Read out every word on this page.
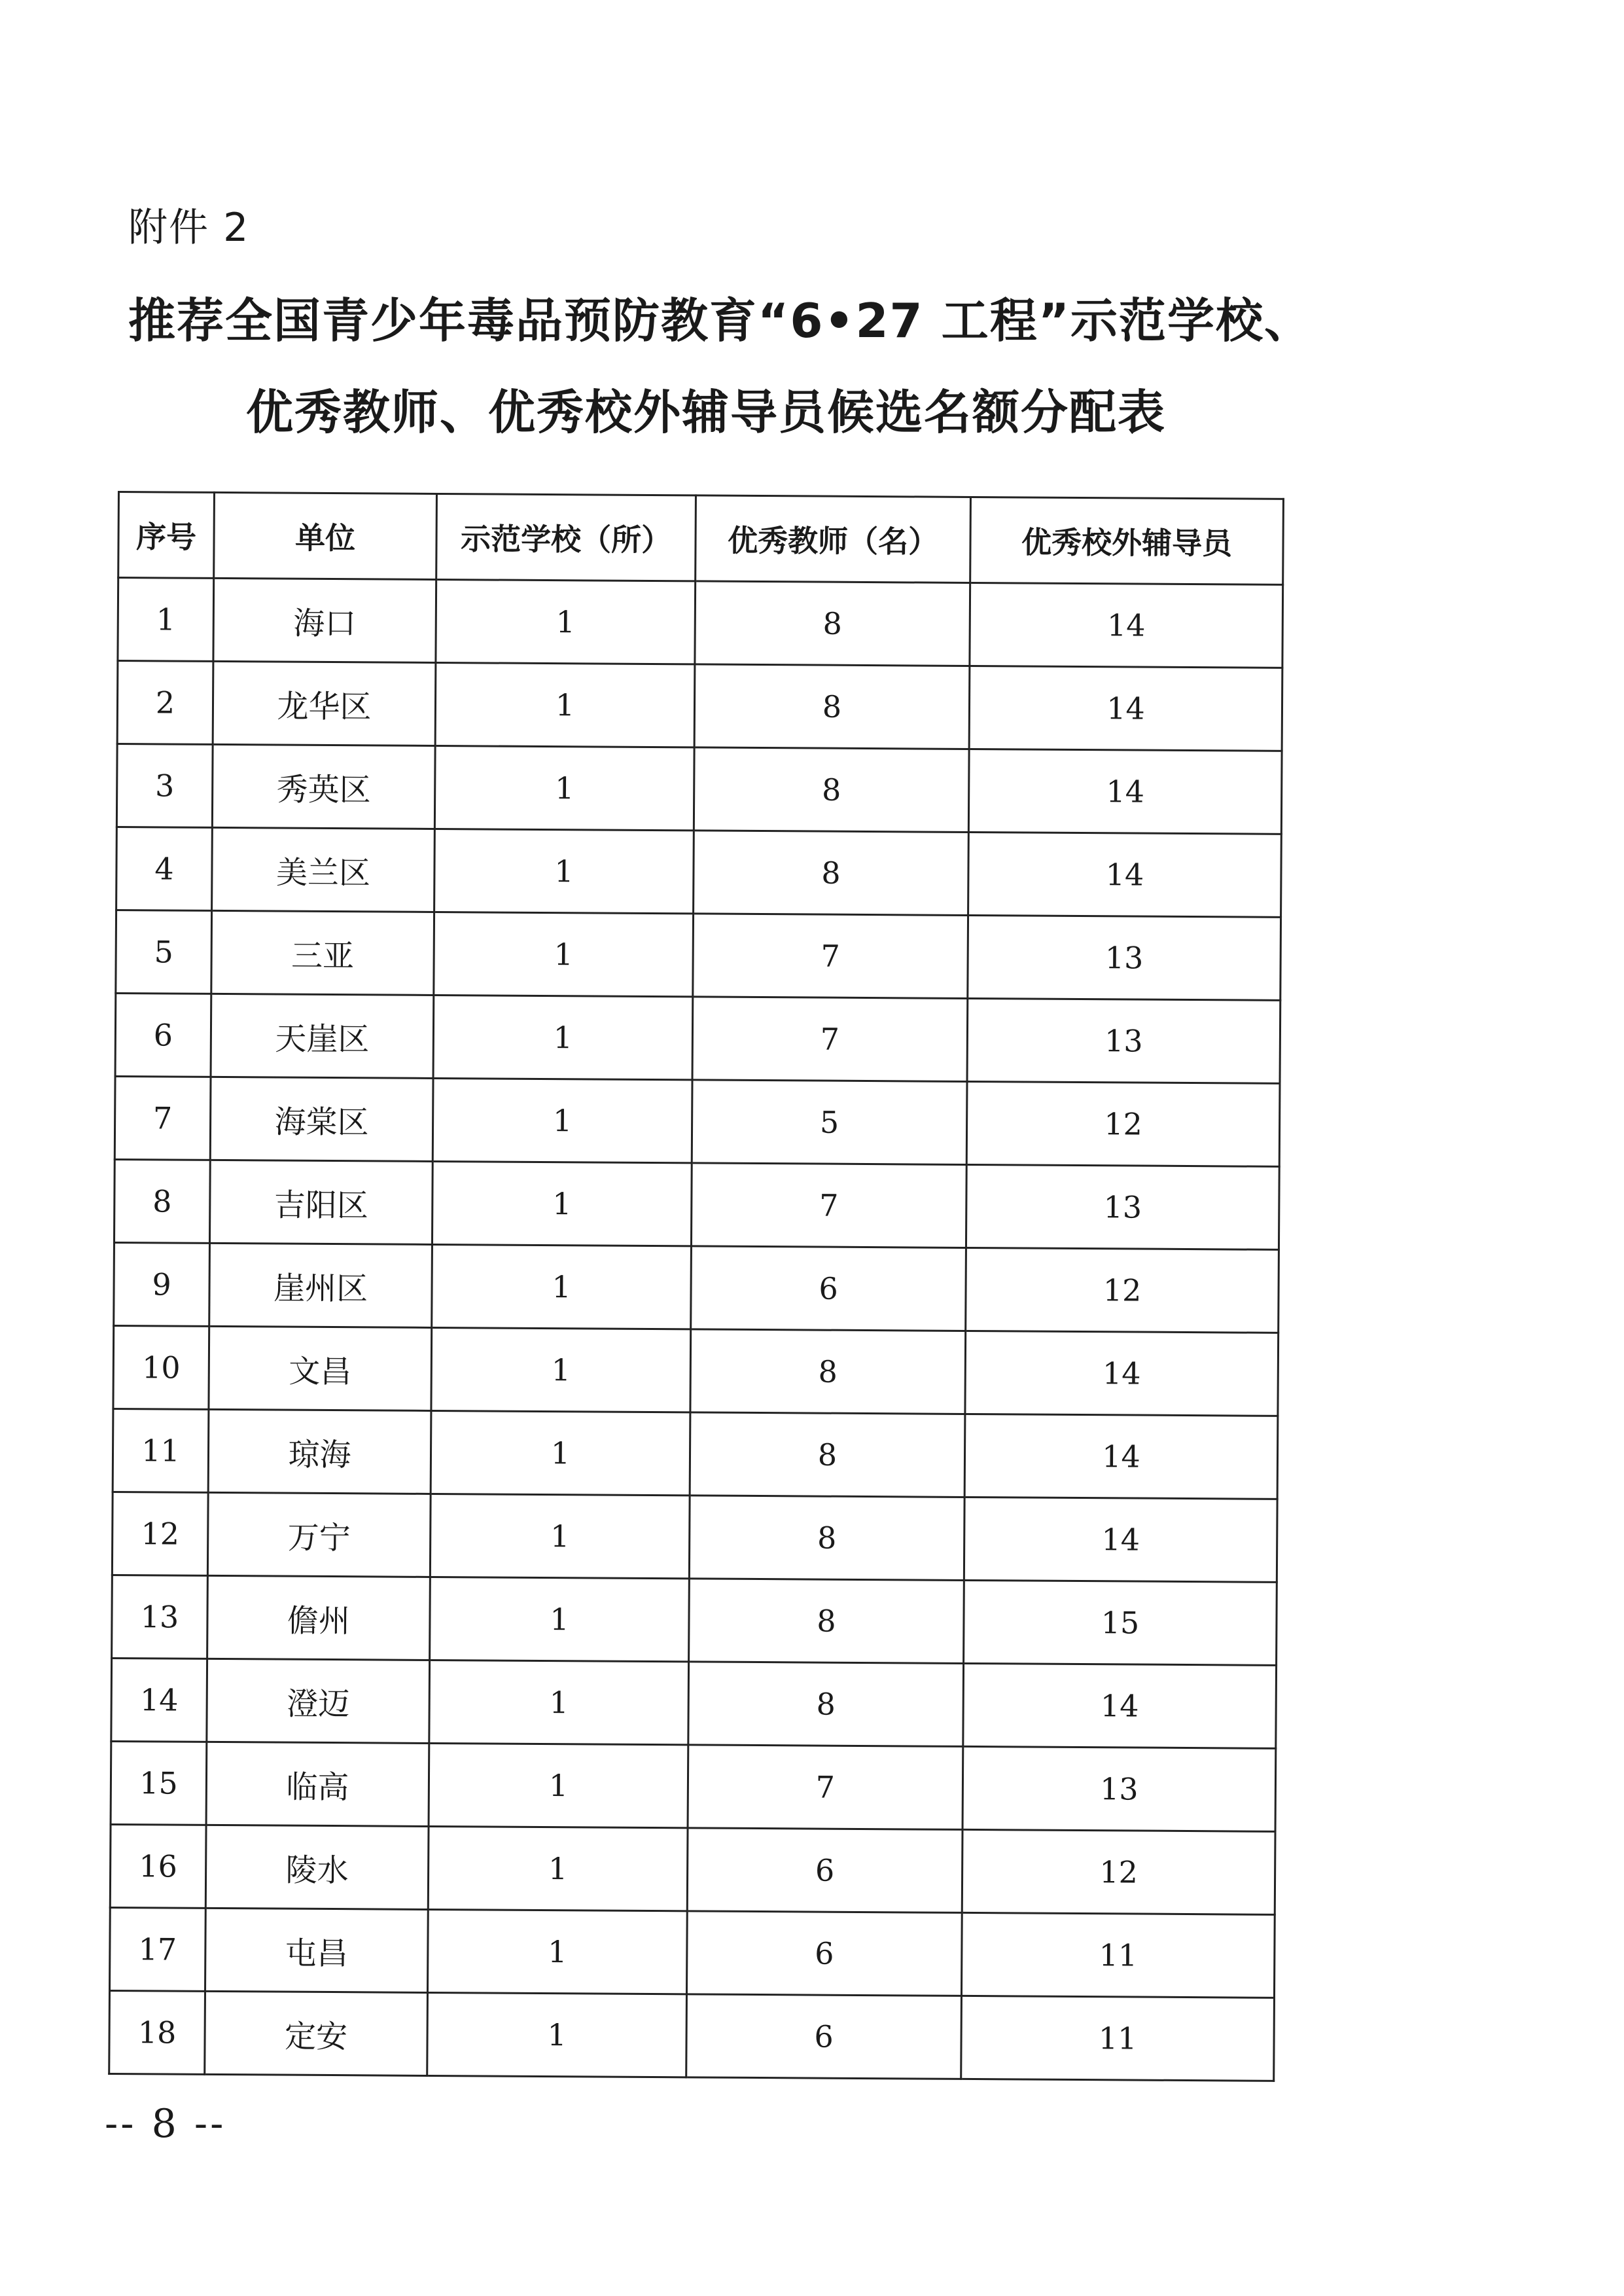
附件 2
推荐全国青少年毒品预防教育“6•27 工程”示范学校、
优秀教师、优秀校外辅导员候选名额分配表
序号	单位	示范学校（所）	优秀教师（名）	优秀校外辅导员
1	海口	1	8	14
2	龙华区	1	8	14
3	秀英区	1	8	14
4	美兰区	1	8	14
5	三亚	1	7	13
6	天崖区	1	7	13
7	海棠区	1	5	12
8	吉阳区	1	7	13
9	崖州区	1	6	12
10	文昌	1	8	14
11	琼海	1	8	14
12	万宁	1	8	14
13	儋州	1	8	15
14	澄迈	1	8	14
15	临高	1	7	13
16	陵水	1	6	12
17	屯昌	1	6	11
18	定安	1	6	11
-- 8 --
